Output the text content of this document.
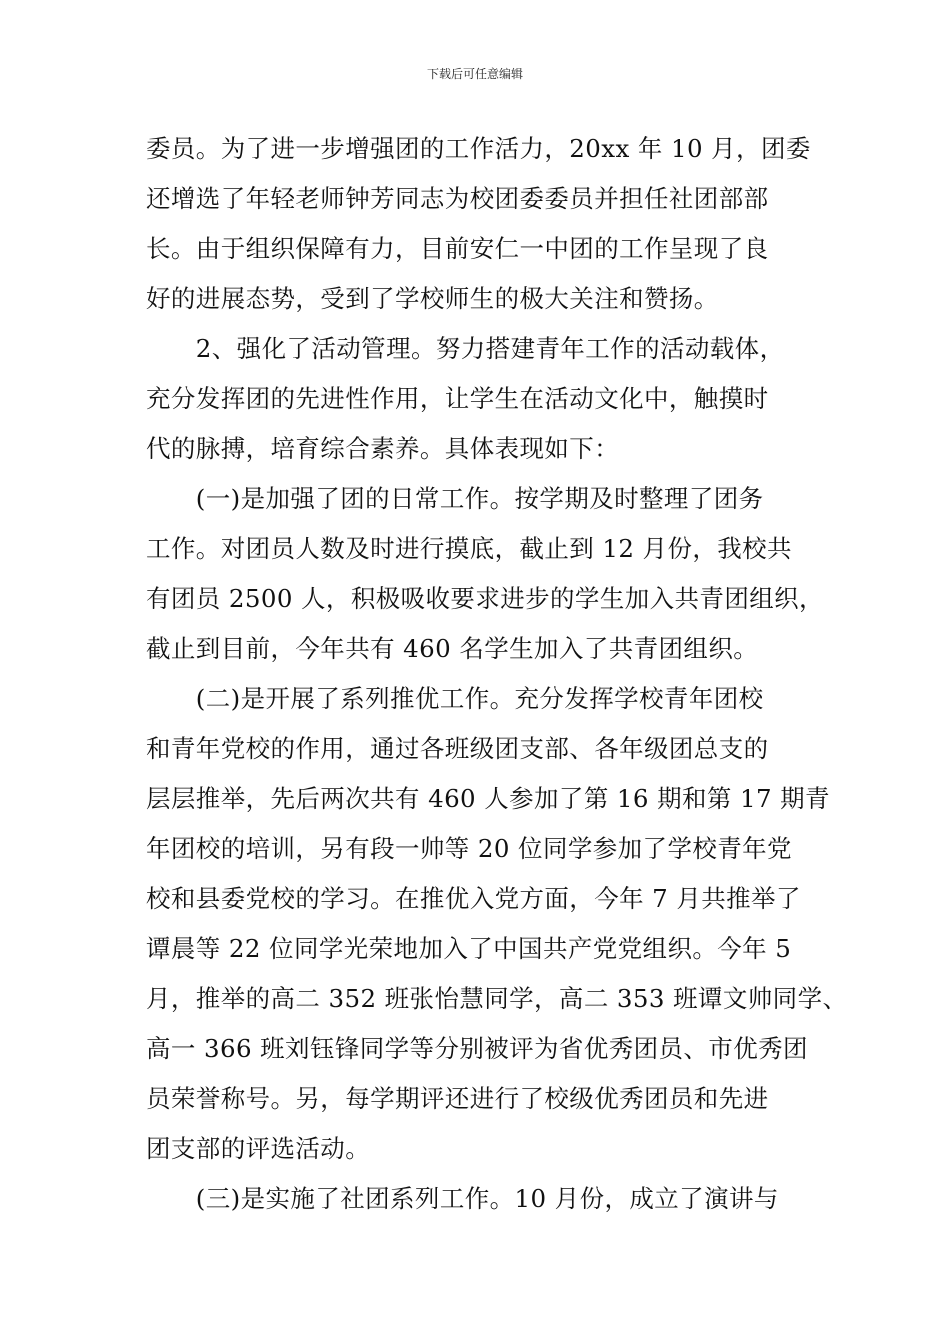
下载后可任意编辑
委员。为了进一步增强团的工作活力，20xx 年 10 月，团委
还增选了年轻老师钟芳同志为校团委委员并担任社团部部
长。由于组织保障有力，目前安仁一中团的工作呈现了良
好的进展态势，受到了学校师生的极大关注和赞扬。
　　2、强化了活动管理。努力搭建青年工作的活动载体，
充分发挥团的先进性作用，让学生在活动文化中，触摸时
代的脉搏，培育综合素养。具体表现如下：
　　(一)是加强了团的日常工作。按学期及时整理了团务
工作。对团员人数及时进行摸底，截止到 12 月份，我校共
有团员 2500 人，积极吸收要求进步的学生加入共青团组织，
截止到目前，今年共有 460 名学生加入了共青团组织。
　　(二)是开展了系列推优工作。充分发挥学校青年团校
和青年党校的作用，通过各班级团支部、各年级团总支的
层层推举，先后两次共有 460 人参加了第 16 期和第 17 期青
年团校的培训，另有段一帅等 20 位同学参加了学校青年党
校和县委党校的学习。在推优入党方面，今年 7 月共推举了
谭晨等 22 位同学光荣地加入了中国共产党党组织。今年 5
月，推举的高二 352 班张怡慧同学，高二 353 班谭文帅同学、
高一 366 班刘钰锋同学等分别被评为省优秀团员、市优秀团
员荣誉称号。另，每学期评还进行了校级优秀团员和先进
团支部的评选活动。
　　(三)是实施了社团系列工作。10 月份，成立了演讲与
